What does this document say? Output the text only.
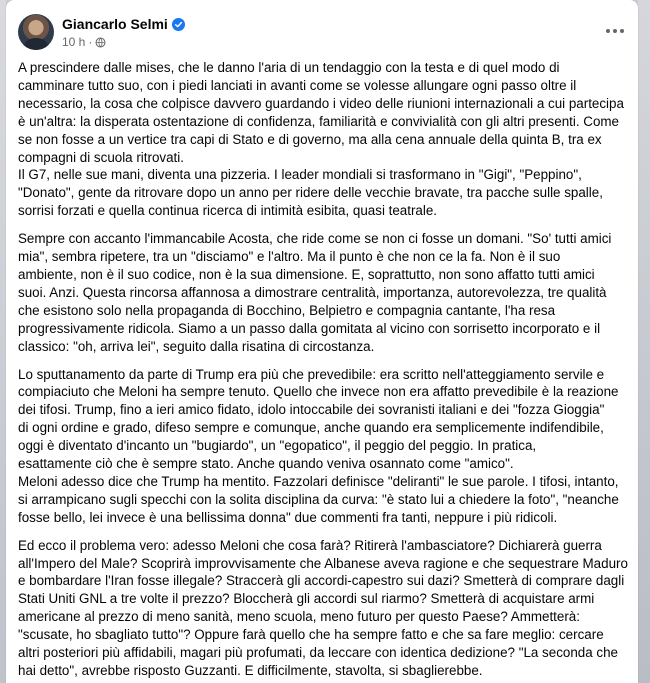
Giancarlo Selmi
10 h ·
A prescindere dalle mises, che le danno l'aria di un tendaggio con la testa e di quel modo di
camminare tutto suo, con i piedi lanciati in avanti come se volesse allungare ogni passo oltre il
necessario, la cosa che colpisce davvero guardando i video delle riunioni internazionali a cui partecipa
è un'altra: la disperata ostentazione di confidenza, familiarità e convivialità con gli altri presenti. Come
se non fosse a un vertice tra capi di Stato e di governo, ma alla cena annuale della quinta B, tra ex
compagni di scuola ritrovati.
Il G7, nelle sue mani, diventa una pizzeria. I leader mondiali si trasformano in "Gigi", "Peppino",
"Donato", gente da ritrovare dopo un anno per ridere delle vecchie bravate, tra pacche sulle spalle,
sorrisi forzati e quella continua ricerca di intimità esibita, quasi teatrale.
Sempre con accanto l'immancabile Acosta, che ride come se non ci fosse un domani. "So' tutti amici
mia", sembra ripetere, tra un "disciamo" e l'altro. Ma il punto è che non ce la fa. Non è il suo
ambiente, non è il suo codice, non è la sua dimensione. E, soprattutto, non sono affatto tutti amici
suoi. Anzi. Questa rincorsa affannosa a dimostrare centralità, importanza, autorevolezza, tre qualità
che esistono solo nella propaganda di Bocchino, Belpietro e compagnia cantante, l'ha resa
progressivamente ridicola. Siamo a un passo dalla gomitata al vicino con sorrisetto incorporato e il
classico: "oh, arriva lei", seguito dalla risatina di circostanza.
Lo sputtanamento da parte di Trump era più che prevedibile: era scritto nell'atteggiamento servile e
compiaciuto che Meloni ha sempre tenuto. Quello che invece non era affatto prevedibile è la reazione
dei tifosi. Trump, fino a ieri amico fidato, idolo intoccabile dei sovranisti italiani e dei "fozza Gioggia"
di ogni ordine e grado, difeso sempre e comunque, anche quando era semplicemente indifendibile,
oggi è diventato d'incanto un "bugiardo", un "egopatico", il peggio del peggio. In pratica,
esattamente ciò che è sempre stato. Anche quando veniva osannato come "amico".
Meloni adesso dice che Trump ha mentito. Fazzolari definisce "deliranti" le sue parole. I tifosi, intanto,
si arrampicano sugli specchi con la solita disciplina da curva: "è stato lui a chiedere la foto", "neanche
fosse bello, lei invece è una bellissima donna" due commenti fra tanti, neppure i più ridicoli.
Ed ecco il problema vero: adesso Meloni che cosa farà? Ritirerà l'ambasciatore? Dichiarerà guerra
all'Impero del Male? Scoprirà improvvisamente che Albanese aveva ragione e che sequestrare Maduro
e bombardare l'Iran fosse illegale? Straccerà gli accordi-capestro sui dazi? Smetterà di comprare dagli
Stati Uniti GNL a tre volte il prezzo? Bloccherà gli accordi sul riarmo? Smetterà di acquistare armi
americane al prezzo di meno sanità, meno scuola, meno futuro per questo Paese? Ammetterà:
"scusate, ho sbagliato tutto"? Oppure farà quello che ha sempre fatto e che sa fare meglio: cercare
altri posteriori più affidabili, magari più profumati, da leccare con identica dedizione? "La seconda che
hai detto", avrebbe risposto Guzzanti. E difficilmente, stavolta, si sbaglierebbe.
